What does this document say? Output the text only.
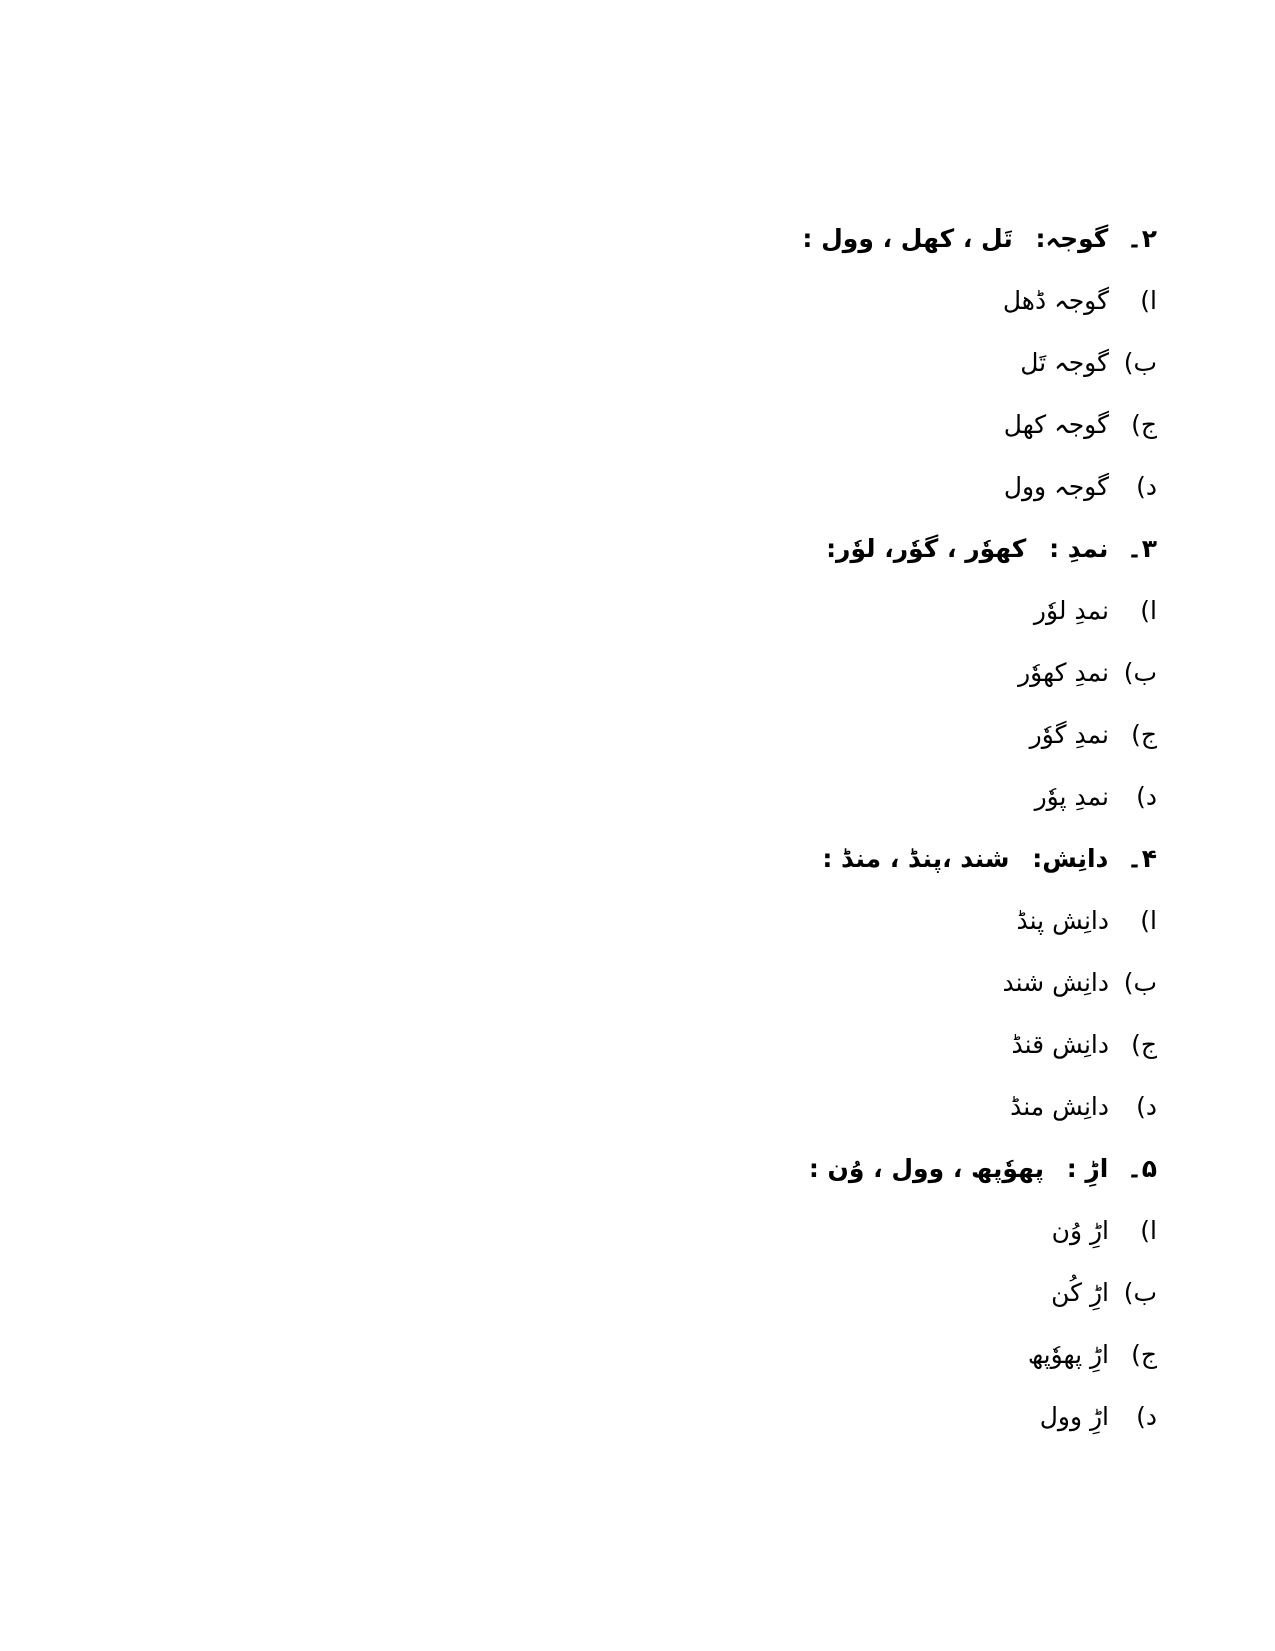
۲۔ گوجہ: تَل ، کھل ، وول :
ا)گوجہ ڈھل
ب)گوجہ تَل
ج)گوجہ کھل
د)گوجہ وول
۳۔ نمدِ : کھوٗر ، گوٗر، لوٗر:
ا)نمدِ لوٗر
ب)نمدِ کھوٗر
ج)نمدِ گوٗر
د)نمدِ پوٗر
۴۔ دانِش: شند ،پنڈ ، منڈ :
ا)دانِش پنڈ
ب)دانِش شند
ج)دانِش قنڈ
د)دانِش منڈ
۵۔ اڑِ : پھوٗپھ ، وول ، وُن :
ا)اڑِ وُن
ب)اڑِ کُن
ج)اڑِ پھوٗپھ
د)اڑِ وول
